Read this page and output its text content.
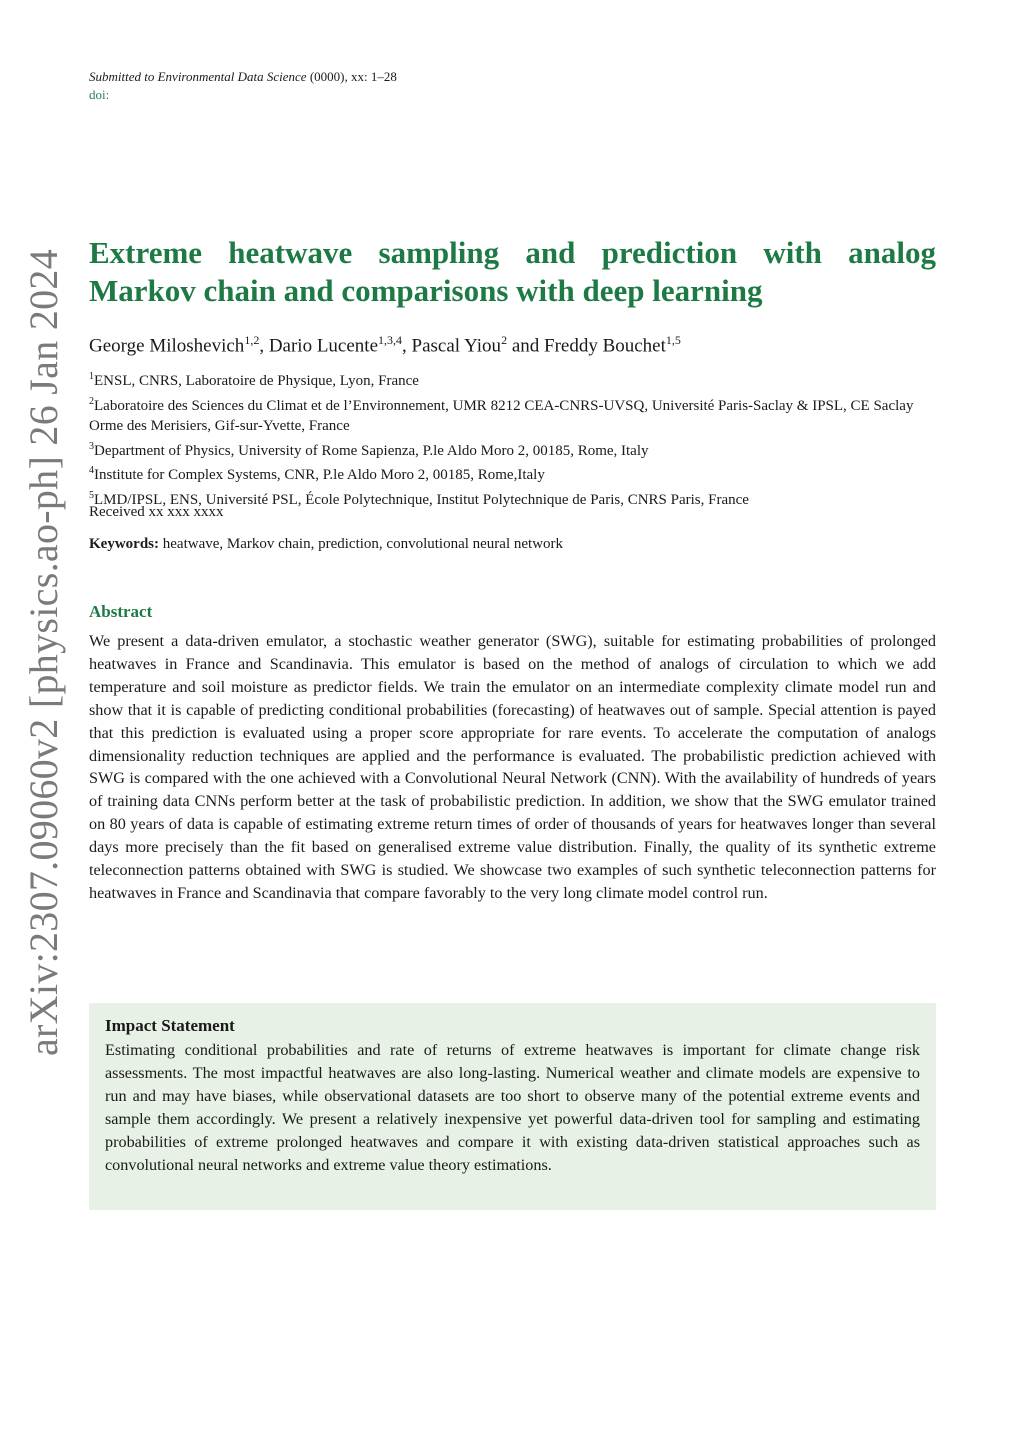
Submitted to Environmental Data Science (0000), xx: 1–28
doi:
arXiv:2307.09060v2 [physics.ao-ph] 26 Jan 2024 Extreme heatwave sampling and prediction with analog Markov chain and comparisons with deep learning
George Miloshevich$^{1,2}$, Dario Lucente$^{1,3,4}$, Pascal Yiou$^2$ and Freddy Bouchet$^{1,5}$
$^1$ENSL, CNRS, Laboratoire de Physique, Lyon, France
$^2$Laboratoire des Sciences du Climat et de l’Environnement, UMR 8212 CEA-CNRS-UVSQ, Université Paris-Saclay & IPSL, CE Saclay Orme des Merisiers, Gif-sur-Yvette, France
$^3$Department of Physics, University of Rome Sapienza, P.le Aldo Moro 2, 00185, Rome, Italy
$^4$Institute for Complex Systems, CNR, P.le Aldo Moro 2, 00185, Rome,Italy
$^5$LMD/IPSL, ENS, Université PSL, École Polytechnique, Institut Polytechnique de Paris, CNRS Paris, France
Received xx xxx xxxx
Keywords: heatwave, Markov chain, prediction, convolutional neural network
Abstract

We present a data-driven emulator, a stochastic weather generator (SWG), suitable for estimating probabilities of prolonged heatwaves in France and Scandinavia. This emulator is based on the method of analogs of circulation to which we add temperature and soil moisture as predictor fields. We train the emulator on an intermediate complexity climate model run and show that it is capable of predicting conditional probabilities (forecasting) of heatwaves out of sample. Special attention is payed that this prediction is evaluated using a proper score appropriate for rare events. To accelerate the computation of analogs dimensionality reduction techniques are applied and the performance is evaluated. The probabilistic prediction achieved with SWG is compared with the one achieved with a Convolutional Neural Network (CNN). With the availability of hundreds of years of training data CNNs perform better at the task of probabilistic prediction. In addition, we show that the SWG emulator trained on 80 years of data is capable of estimating extreme return times of order of thousands of years for heatwaves longer than several days more precisely than the fit based on generalised extreme value distribution. Finally, the quality of its synthetic extreme teleconnection patterns obtained with SWG is studied. We showcase two examples of such synthetic teleconnection patterns for heatwaves in France and Scandinavia that compare favorably to the very long climate model control run.

Impact Statement

Estimating conditional probabilities and rate of returns of extreme heatwaves is important for climate change risk assessments. The most impactful heatwaves are also long-lasting. Numerical weather and climate models are expensive to run and may have biases, while observational datasets are too short to observe many of the potential extreme events and sample them accordingly. We present a relatively inexpensive yet powerful data-driven tool for sampling and estimating probabilities of extreme prolonged heatwaves and compare it with existing data-driven statistical approaches such as convolutional neural networks and extreme value theory estimations.
